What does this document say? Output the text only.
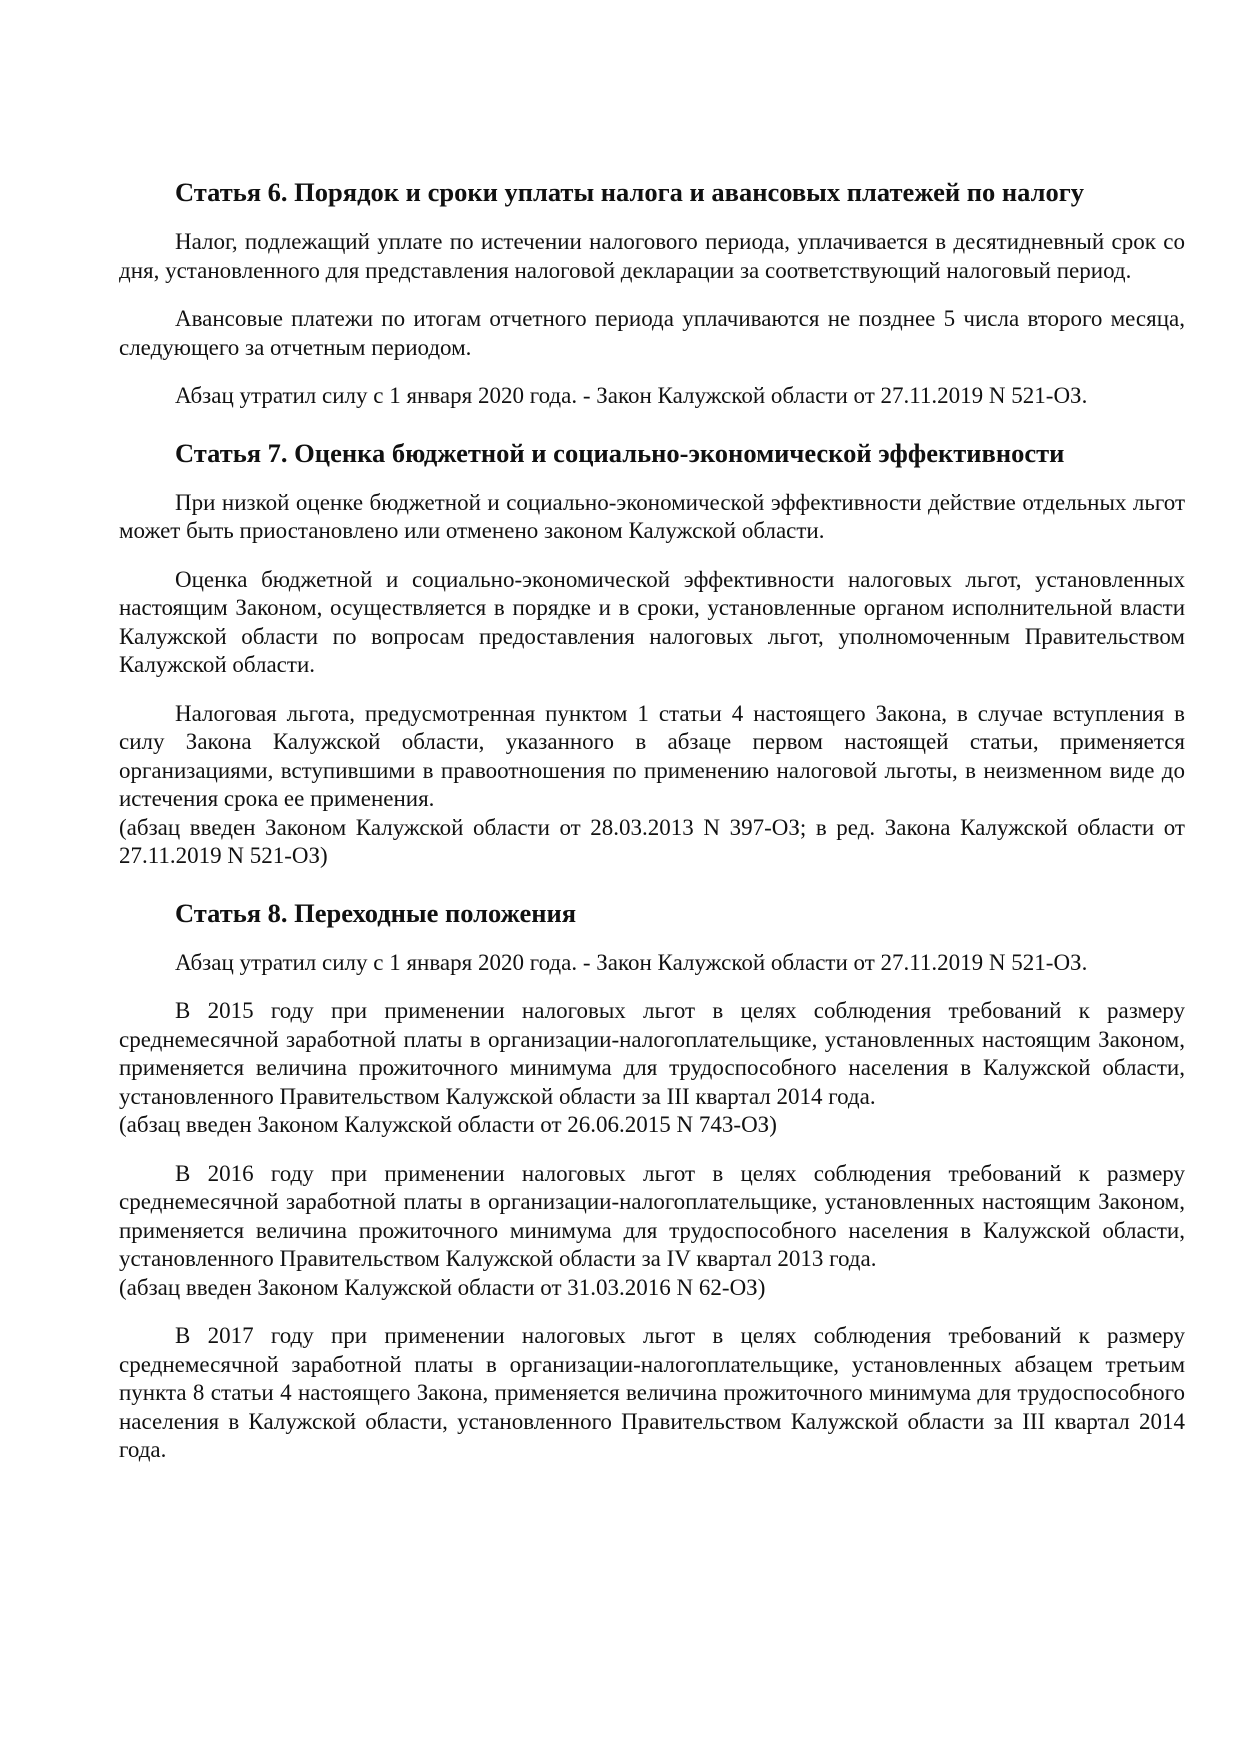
Статья 6. Порядок и сроки уплаты налога и авансовых платежей по налогу

Налог, подлежащий уплате по истечении налогового периода, уплачивается в десятидневный срок со дня, установленного для представления налоговой декларации за соответствующий налоговый период.

Авансовые платежи по итогам отчетного периода уплачиваются не позднее 5 числа второго месяца, следующего за отчетным периодом.

Абзац утратил силу с 1 января 2020 года. - Закон Калужской области от 27.11.2019 N 521-ОЗ.

Статья 7. Оценка бюджетной и социально-экономической эффективности

При низкой оценке бюджетной и социально-экономической эффективности действие отдельных льгот может быть приостановлено или отменено законом Калужской области.

Оценка бюджетной и социально-экономической эффективности налоговых льгот, установленных настоящим Законом, осуществляется в порядке и в сроки, установленные органом исполнительной власти Калужской области по вопросам предоставления налоговых льгот, уполномоченным Правительством Калужской области.

Налоговая льгота, предусмотренная пунктом 1 статьи 4 настоящего Закона, в случае вступления в силу Закона Калужской области, указанного в абзаце первом настоящей статьи, применяется организациями, вступившими в правоотношения по применению налоговой льготы, в неизменном виде до истечения срока ее применения.

(абзац введен Законом Калужской области от 28.03.2013 N 397-ОЗ; в ред. Закона Калужской области от 27.11.2019 N 521-ОЗ)

Статья 8. Переходные положения

Абзац утратил силу с 1 января 2020 года. - Закон Калужской области от 27.11.2019 N 521-ОЗ.

В 2015 году при применении налоговых льгот в целях соблюдения требований к размеру среднемесячной заработной платы в организации-налогоплательщике, установленных настоящим Законом, применяется величина прожиточного минимума для трудоспособного населения в Калужской области, установленного Правительством Калужской области за III квартал 2014 года.

(абзац введен Законом Калужской области от 26.06.2015 N 743-ОЗ)

В 2016 году при применении налоговых льгот в целях соблюдения требований к размеру среднемесячной заработной платы в организации-налогоплательщике, установленных настоящим Законом, применяется величина прожиточного минимума для трудоспособного населения в Калужской области, установленного Правительством Калужской области за IV квартал 2013 года.

(абзац введен Законом Калужской области от 31.03.2016 N 62-ОЗ)

В 2017 году при применении налоговых льгот в целях соблюдения требований к размеру среднемесячной заработной платы в организации-налогоплательщике, установленных абзацем третьим пункта 8 статьи 4 настоящего Закона, применяется величина прожиточного минимума для трудоспособного населения в Калужской области, установленного Правительством Калужской области за III квартал 2014 года.
